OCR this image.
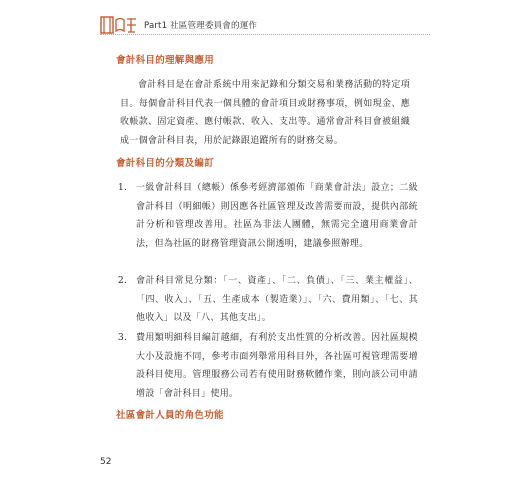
Part1 社區管理委員會的運作
會計科目的理解與應用

會計科目是在會計系統中用來記錄和分類交易和業務活動的特定項目。每個會計科目代表一個具體的會計項目或財務事項，例如現金、應收帳款、固定資產、應付帳款、收入、支出等。通常會計科目會被組織成一個會計科目表，用於記錄跟追蹤所有的財務交易。

會計科目的分類及編訂
1. 一級會計科目（總帳）係參考經濟部頒佈「商業會計法」設立；二級會計科目（明細帳）則因應各社區管理及改善需要而設，提供內部統計分析和管理改善用。社區為非法人團體，無需完全適用商業會計法，但為社區的財務管理資訊公開透明，建議參照辦理。
2. 會計科目常見分類：「一、資產」、「二、負債」、「三、業主權益」、「四、收入」、「五、生產成本（製造業）」、「六、費用類」、「七、其他收入」以及「八、其他支出」。
3. 費用類明細科目編訂越細，有利於支出性質的分析改善。因社區規模大小及設施不同，參考市面列舉常用科目外，各社區可視管理需要增設科目使用。管理服務公司若有使用財務軟體作業，則向該公司申請增設「會計科目」使用。
社區會計人員的角色功能
52
